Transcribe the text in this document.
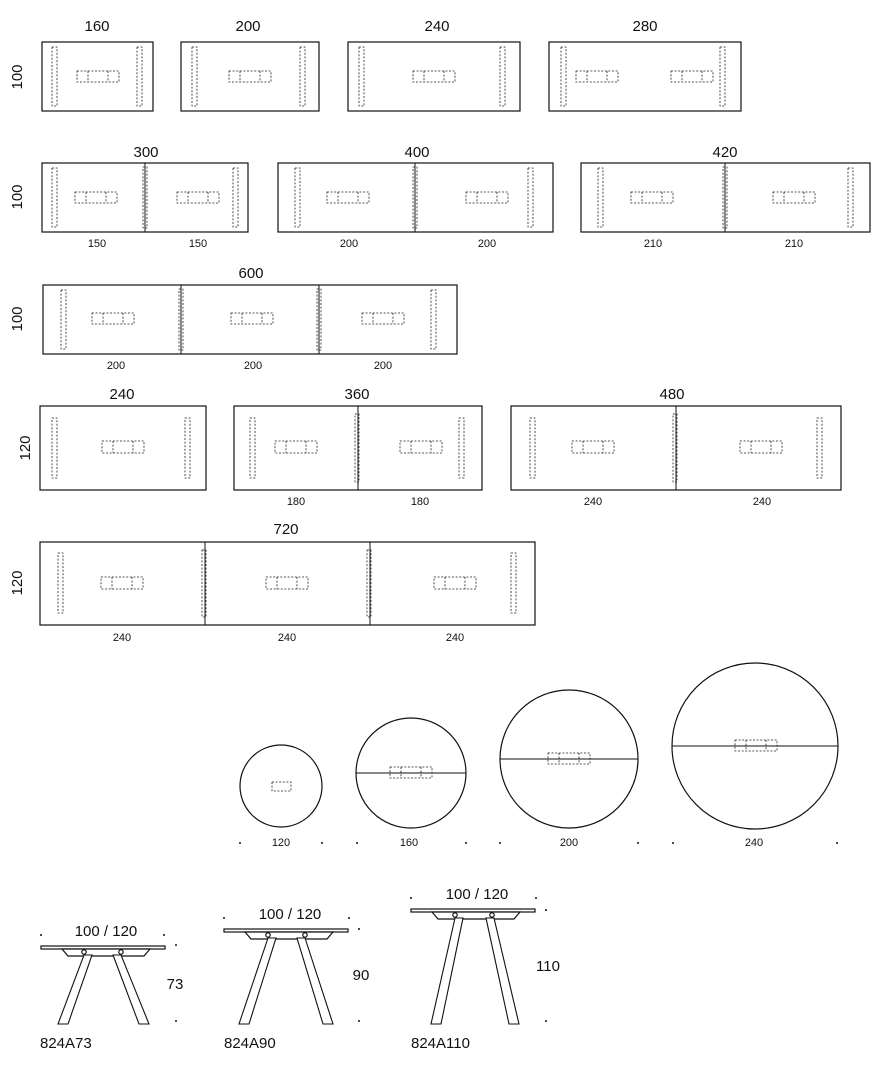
100
160	200	240	280
100
300
150	150
400
200	200
420
210	210
100
600
200	200	200
120
240	360
180	180
480
240	240
120
720
240	240	240
120	160	200	240
100 / 120
73
824A73
100 / 120
90
824A90
100 / 120
110
824A110
